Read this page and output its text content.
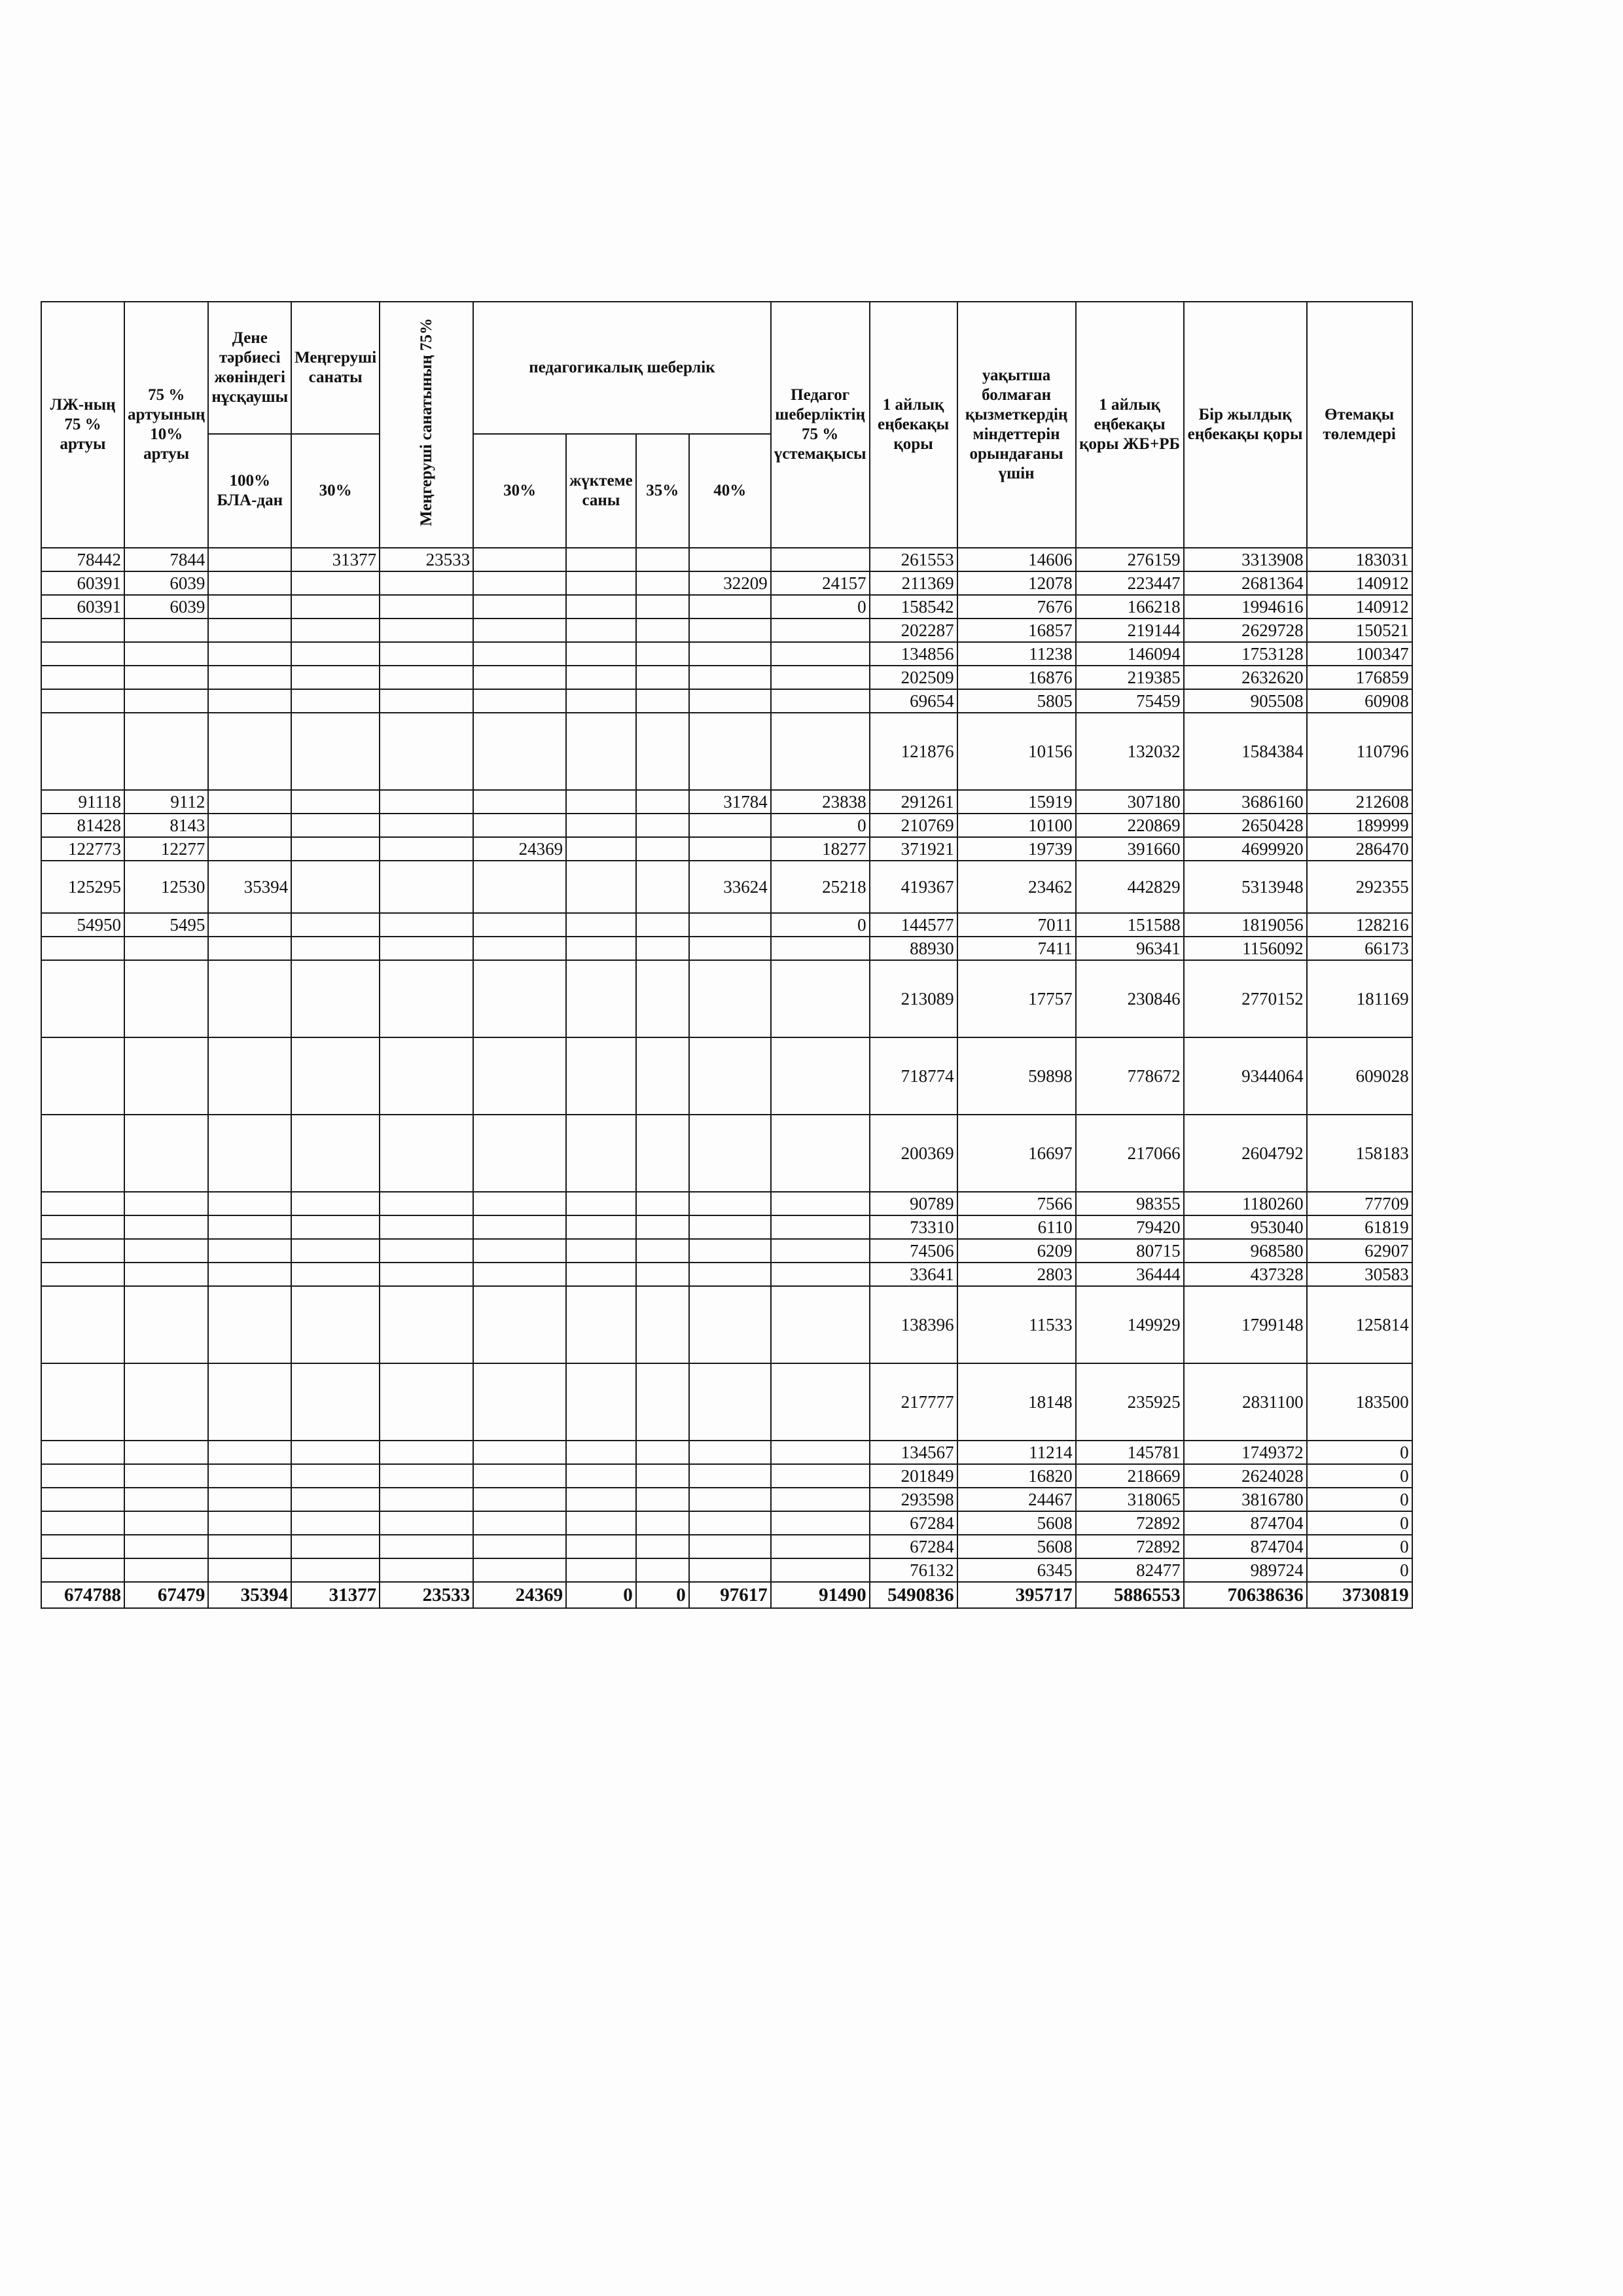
ЛЖ-ның 75 % артуы	75 % артуының 10% артуы	Дене тәрбиесі жөніндегі нұсқаушы	Меңгеруші санаты	Меңгеруші санатының 75%	педагогикалық шеберлік				Педагог шеберліктің 75 % үстемақысы	1 айлық еңбекақы қоры	уақытша болмаған қызметкердің міндеттерін орындағаны үшін	1 айлық еңбекақы қоры ЖБ+РБ	Бір жылдық еңбекақы қоры	Өтемақы төлемдері
		100% БЛА-дан	30%		30%	жүктеме саны	35%	40%						
78442	7844		31377	23533						261553	14606	276159	3313908	183031
60391	6039							32209	24157	211369	12078	223447	2681364	140912
60391	6039								0	158542	7676	166218	1994616	140912
										202287	16857	219144	2629728	150521
										134856	11238	146094	1753128	100347
										202509	16876	219385	2632620	176859
										69654	5805	75459	905508	60908
										121876	10156	132032	1584384	110796
91118	9112							31784	23838	291261	15919	307180	3686160	212608
81428	8143								0	210769	10100	220869	2650428	189999
122773	12277				24369				18277	371921	19739	391660	4699920	286470
125295	12530	35394						33624	25218	419367	23462	442829	5313948	292355
54950	5495								0	144577	7011	151588	1819056	128216
										88930	7411	96341	1156092	66173
										213089	17757	230846	2770152	181169
										718774	59898	778672	9344064	609028
										200369	16697	217066	2604792	158183
										90789	7566	98355	1180260	77709
										73310	6110	79420	953040	61819
										74506	6209	80715	968580	62907
										33641	2803	36444	437328	30583
										138396	11533	149929	1799148	125814
										217777	18148	235925	2831100	183500
										134567	11214	145781	1749372	0
										201849	16820	218669	2624028	0
										293598	24467	318065	3816780	0
										67284	5608	72892	874704	0
										67284	5608	72892	874704	0
										76132	6345	82477	989724	0
674788	67479	35394	31377	23533	24369	0	0	97617	91490	5490836	395717	5886553	70638636	3730819
